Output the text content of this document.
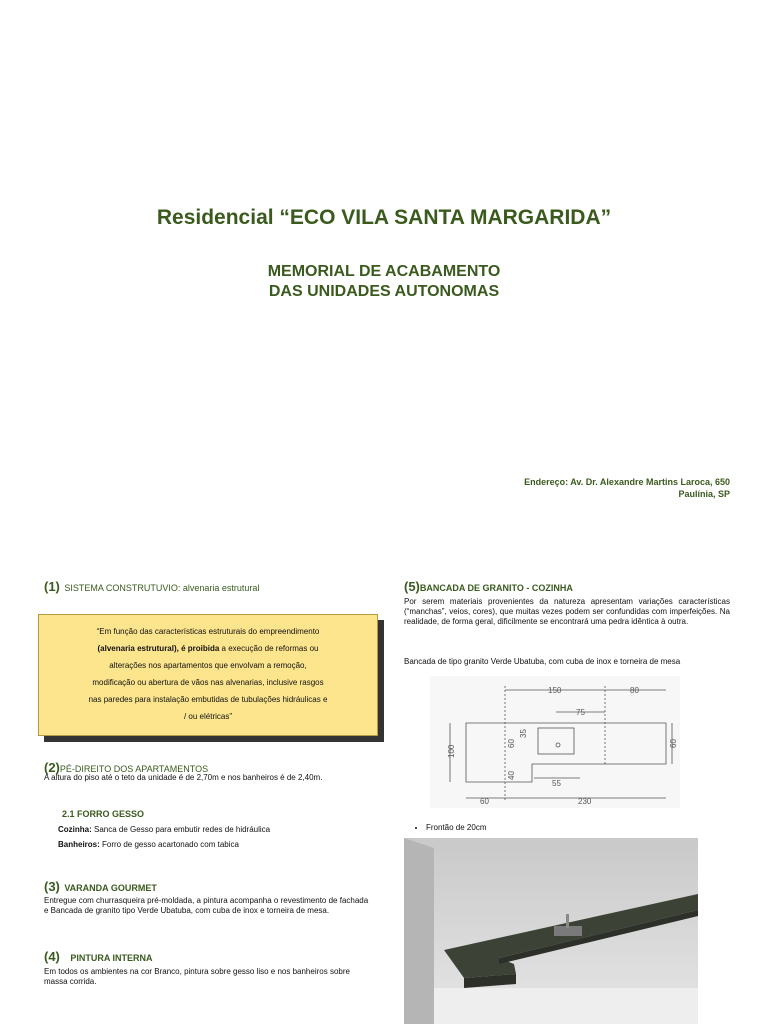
Residencial “ECO VILA SANTA MARGARIDA”
MEMORIAL DE ACABAMENTO
DAS UNIDADES AUTONOMAS
Endereço: Av. Dr. Alexandre Martins Laroca, 650
Paulínia, SP
(1) SISTEMA CONSTRUTUVIO: alvenaria estrutural
“Em função das características estruturais do empreendimento
(alvenaria estrutural), é proibida a execução de reformas ou
alterações nos apartamentos que envolvam a remoção,
modificação ou abertura de vãos nas alvenarias, inclusive rasgos
nas paredes para instalação embutidas de tubulações hidráulicas e
/ ou elétricas”
(2)PÉ-DIREITO DOS APARTAMENTOS
A altura do piso até o teto da unidade é de 2,70m e nos banheiros é de 2,40m.
2.1 FORRO GESSO
Cozinha: Sanca de Gesso para embutir redes de hidráulica
Banheiros: Forro de gesso acartonado com tabica
(3) VARANDA GOURMET
Entregue com churrasqueira pré-moldada, a pintura acompanha o revestimento de fachada e Bancada de granito tipo Verde Ubatuba, com cuba de inox e torneira de mesa.
(4) PINTURA INTERNA
Em todos os ambientes na cor Branco, pintura sobre gesso liso e nos banheiros sobre massa corrida.
(5)BANCADA DE GRANITO - COZINHA
Por serem materiais provenientes da natureza apresentam variações características (“manchas”, veios, cores), que muitas vezes podem ser confundidas com imperfeições. Na realidade, de forma geral, dificilmente se encontrará uma pedra idêntica à outra.
Bancada de tipo granito Verde Ubatuba, com cuba de inox e torneira de mesa
150	80
75
35
60	60
100
40
55
60	230
• Frontão de 20cm
